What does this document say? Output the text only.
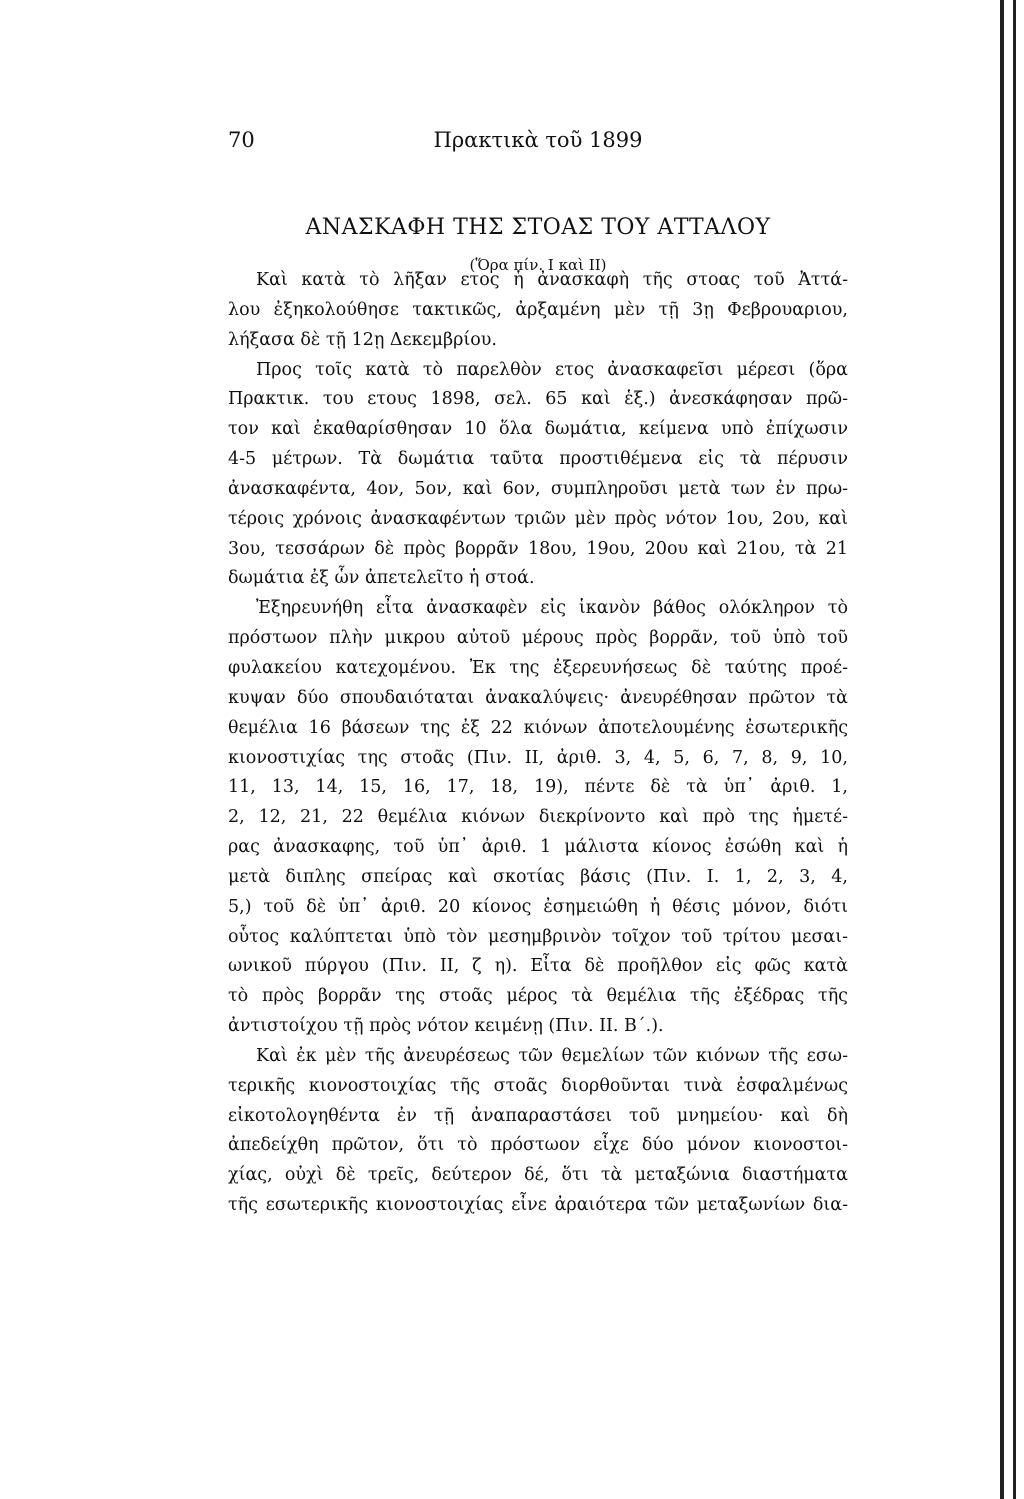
70	Πρακτικὰ τοῦ 1899
ΑΝΑΣΚΑΦΗ ΤΗΣ ΣΤΟΑΣ ΤΟΥ ΑΤΤΑΛΟΥ
(Ὅρα πίν. I καὶ II)
Καὶ κατὰ τὸ λῆξαν ετος ἡ ἀνασκαφὴ τῆς στοας τοῦ Ἀττά-
λου ἐξηκολούθησε τακτικῶς, ἀρξαμένη μὲν τῇ 3ῃ Φεβρουαριου,
λήξασα δὲ τῇ 12ῃ Δεκεμβρίου.
Προς τοῖς κατὰ τὸ παρελθὸν ετος ἀνασκαφεῖσι μέρεσι (ὅρα
Πρακτικ. του ετους 1898, σελ. 65 καὶ ἑξ.) ἀνεσκάφησαν πρῶ-
τον καὶ ἐκαθαρίσθησαν 10 ὅλα δωμάτια, κείμενα υπὸ ἐπίχωσιν
4-5 μέτρων. Τὰ δωμάτια ταῦτα προστιθέμενα εἰς τὰ πέρυσιν
ἀνασκαφέντα, 4ον, 5ον, καὶ 6ον, συμπληροῦσι μετὰ των ἐν πρω-
τέροις χρόνοις ἀνασκαφέντων τριῶν μὲν πρὸς νότον 1ου, 2ου, καὶ
3ου, τεσσάρων δὲ πρὸς βορρᾶν 18ου, 19ου, 20ου καὶ 21ου, τὰ 21
δωμάτια ἐξ ὧν ἀπετελεῖτο ἡ στοά.
Ἐξηρευνήθη εἶτα ἀνασκαφὲν εἰς ἱκανὸν βάθος ολόκληρον τὸ
πρόστωον πλὴν μικρου αὐτοῦ μέρους πρὸς βορρᾶν, τοῦ ὑπὸ τοῦ
φυλακείου κατεχομένου. Ἐκ της ἐξερευνήσεως δὲ ταύτης προέ-
κυψαν δύο σπουδαιόταται ἀνακαλύψεις· ἀνευρέθησαν πρῶτον τὰ
θεμέλια 16 βάσεων της ἐξ 22 κιόνων ἀποτελουμένης ἐσωτερικῆς
κιονοστιχίας της στοᾶς (Πιν. II, ἀριθ. 3, 4, 5, 6, 7, 8, 9, 10,
11, 13, 14, 15, 16, 17, 18, 19), πέντε δὲ τὰ ὑπ᾽ ἀριθ. 1,
2, 12, 21, 22 θεμέλια κιόνων διεκρίνοντο καὶ πρὸ της ἡμετέ-
ρας ἀνασκαφης, τοῦ ὑπ᾽ ἀριθ. 1 μάλιστα κίονος ἐσώθη καὶ ἡ
μετὰ διπλης σπείρας καὶ σκοτίας βάσις (Πιν. I. 1, 2, 3, 4,
5,) τοῦ δὲ ὑπ᾽ ἀριθ. 20 κίονος ἐσημειώθη ἡ θέσις μόνον, διότι
οὗτος καλύπτεται ὑπὸ τὸν μεσημβρινὸν τοῖχον τοῦ τρίτου μεσαι-
ωνικοῦ πύργου (Πιν. II, ζ η). Εἶτα δὲ προῆλθον εἰς φῶς κατὰ
τὸ πρὸς βορρᾶν της στοᾶς μέρος τὰ θεμέλια τῆς ἐξέδρας τῆς
ἀντιστοίχου τῇ πρὸς νότον κειμένῃ (Πιν. II. Β΄.).
Καὶ ἐκ μὲν τῆς ἀνευρέσεως τῶν θεμελίων τῶν κιόνων τῆς εσω-
τερικῆς κιονοστοιχίας τῆς στοᾶς διορθοῦνται τινὰ ἐσφαλμένως
εἰκοτολογηθέντα ἐν τῇ ἀναπαραστάσει τοῦ μνημείου· καὶ δὴ
ἀπεδείχθη πρῶτον, ὅτι τὸ πρόστωον εἶχε δύο μόνον κιονοστοι-
χίας, οὐχὶ δὲ τρεῖς, δεύτερον δέ, ὅτι τὰ μεταξώνια διαστήματα
τῆς εσωτερικῆς κιονοστοιχίας εἶνε ἀραιότερα τῶν μεταξωνίων δια-
